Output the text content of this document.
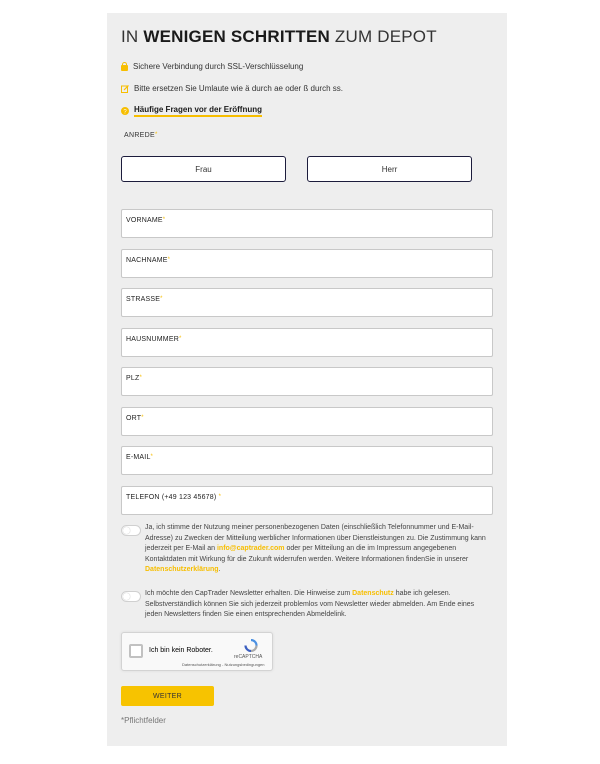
IN WENIGEN SCHRITTEN ZUM DEPOT
Sichere Verbindung durch SSL-Verschlüsselung
Bitte ersetzen Sie Umlaute wie ä durch ae oder ß durch ss.
? Häufige Fragen vor der Eröffnung
ANREDE*
Frau	Herr
VORNAME*
NACHNAME*
STRASSE*
HAUSNUMMER*
PLZ*
ORT*
E-MAIL*
TELEFON (+49 123 45678) *
Ja, ich stimme der Nutzung meiner personenbezogenen Daten (einschließlich Telefonnummer und E-Mail-Adresse) zu Zwecken der Mitteilung werblicher Informationen über Dienstleistungen zu. Die Zustimmung kann jederzeit per E-Mail an info@captrader.com oder per Mitteilung an die im Impressum angegebenen Kontaktdaten mit Wirkung für die Zukunft widerrufen werden. Weitere Informationen findenSie in unserer Datenschutzerklärung.
Ich möchte den CapTrader Newsletter erhalten. Die Hinweise zum Datenschutz habe ich gelesen. Selbstverständlich können Sie sich jederzeit problemlos vom Newsletter wieder abmelden. Am Ende eines jeden Newsletters finden Sie einen entsprechenden Abmeldelink.
Ich bin kein Roboter.
reCAPTCHA
Datenschutzerklärung - Nutzungsbedingungen
WEITER
*Pflichtfelder
